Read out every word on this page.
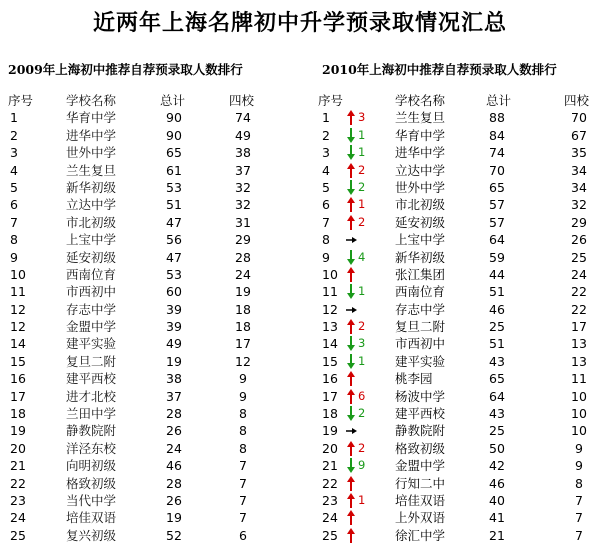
近两年上海名牌初中升学预录取情况汇总
2009年上海初中推荐自荐预录取人数排行	2010年上海初中推荐自荐预录取人数排行
序号	学校名称	总计	四校
1	华育中学	90	74
2	进华中学	90	49
3	世外中学	65	38
4	兰生复旦	61	37
5	新华初级	53	32
6	立达中学	51	32
7	市北初级	47	31
8	上宝中学	56	29
9	延安初级	47	28
10	西南位育	53	24
11	市西初中	60	19
12	存志中学	39	18
12	金盟中学	39	18
14	建平实验	49	17
15	复旦二附	19	12
16	建平西校	38	9
17	进才北校	37	9
18	兰田中学	28	8
19	静教院附	26	8
20	洋泾东校	24	8
21	向明初级	46	7
22	格致初级	28	7
23	当代中学	26	7
24	培佳双语	19	7
25	复兴初级	52	6
序号	学校名称	总计	四校
1 3	兰生复旦	88	70
2 1	华育中学	84	67
3 1	进华中学	74	35
4 2	立达中学	70	34
5 2	世外中学	65	34
6 1	市北初级	57	32
7 2	延安初级	57	29
8	上宝中学	64	26
9 4	新华初级	59	25
10	张江集团	44	24
11 1	西南位育	51	22
12	存志中学	46	22
13 2	复旦二附	25	17
14 3	市西初中	51	13
15 1	建平实验	43	13
16	桃李园	65	11
17 6	杨波中学	64	10
18 2	建平西校	43	10
19	静教院附	25	10
20 2	格致初级	50	9
21 9	金盟中学	42	9
22	行知二中	46	8
23 1	培佳双语	40	7
24	上外双语	41	7
25	徐汇中学	21	7
